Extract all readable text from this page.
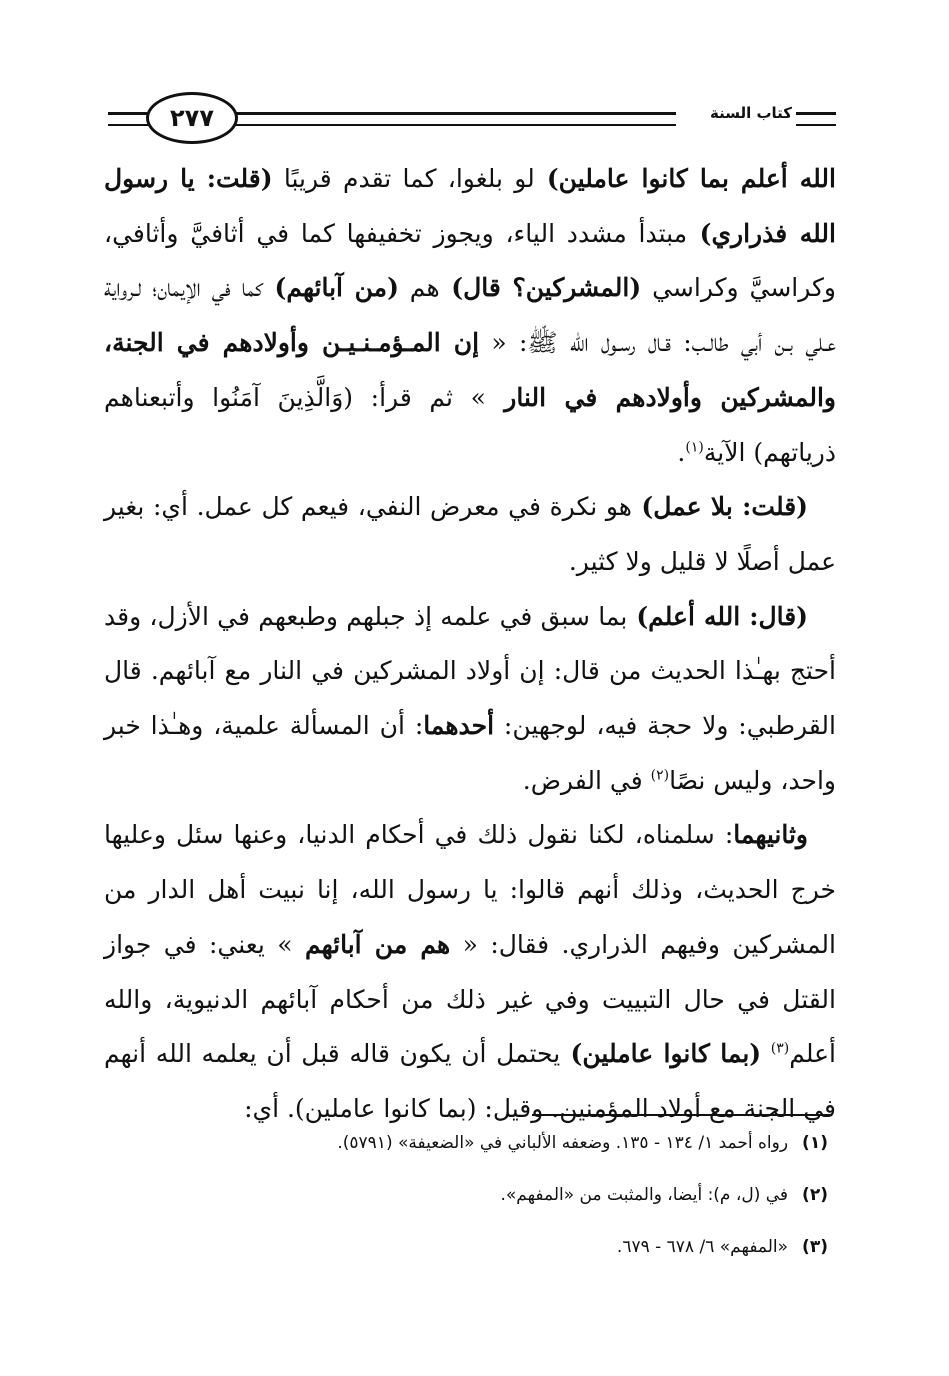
٢٧٧	كتاب السنة

الله أعلم بما كانوا عاملين) لو بلغوا، كما تقدم قريبًا (قلت: يا رسول الله فذراري) مبتدأ مشدد الياء، ويجوز تخفيفها كما في أثافيَّ وأثافي، وكراسيَّ وكراسي (المشركين؟ قال) هم (من آبائهم) كما في الإيمان؛ لـرواية عـلي بـن أبي طالـب: قـال رسـول الله ﷺ: « إن المـؤمـنـيـن وأولادهم في الجنة، والمشركين وأولادهم في النار » ثم قرأ: (وَالَّذِينَ آمَنُوا وأتبعناهم ذرياتهم) الآية$^{(١)}$.

(قلت: بلا عمل) هو نكرة في معرض النفي، فيعم كل عمل. أي: بغير عمل أصلًا لا قليل ولا كثير.

(قال: الله أعلم) بما سبق في علمه إذ جبلهم وطبعهم في الأزل، وقد أحتج بهـٰذا الحديث من قال: إن أولاد المشركين في النار مع آبائهم. قال القرطبي: ولا حجة فيه، لوجهين: أحدهما: أن المسألة علمية، وهـٰذا خبر واحد، وليس نصًا$^{(٢)}$ في الفرض.

وثانيهما: سلمناه، لكنا نقول ذلك في أحكام الدنيا، وعنها سئل وعليها خرج الحديث، وذلك أنهم قالوا: يا رسول الله، إنا نبيت أهل الدار من المشركين وفيهم الذراري. فقال: « هم من آبائهم » يعني: في جواز القتل في حال التبييت وفي غير ذلك من أحكام آبائهم الدنيوية، والله أعلم$^{(٣)}$ (بما كانوا عاملين) يحتمل أن يكون قاله قبل أن يعلمه الله أنهم في الجنة مع أولاد المؤمنين. وقيل: (بما كانوا عاملين). أي:

(١)رواه أحمد ١/ ١٣٤ - ١٣٥. وضعفه الألباني في «الضعيفة» (٥٧٩١).
(٢)في (ل، م): أيضا، والمثبت من «المفهم».
(٣)«المفهم» ٦/ ٦٧٨ - ٦٧٩.
